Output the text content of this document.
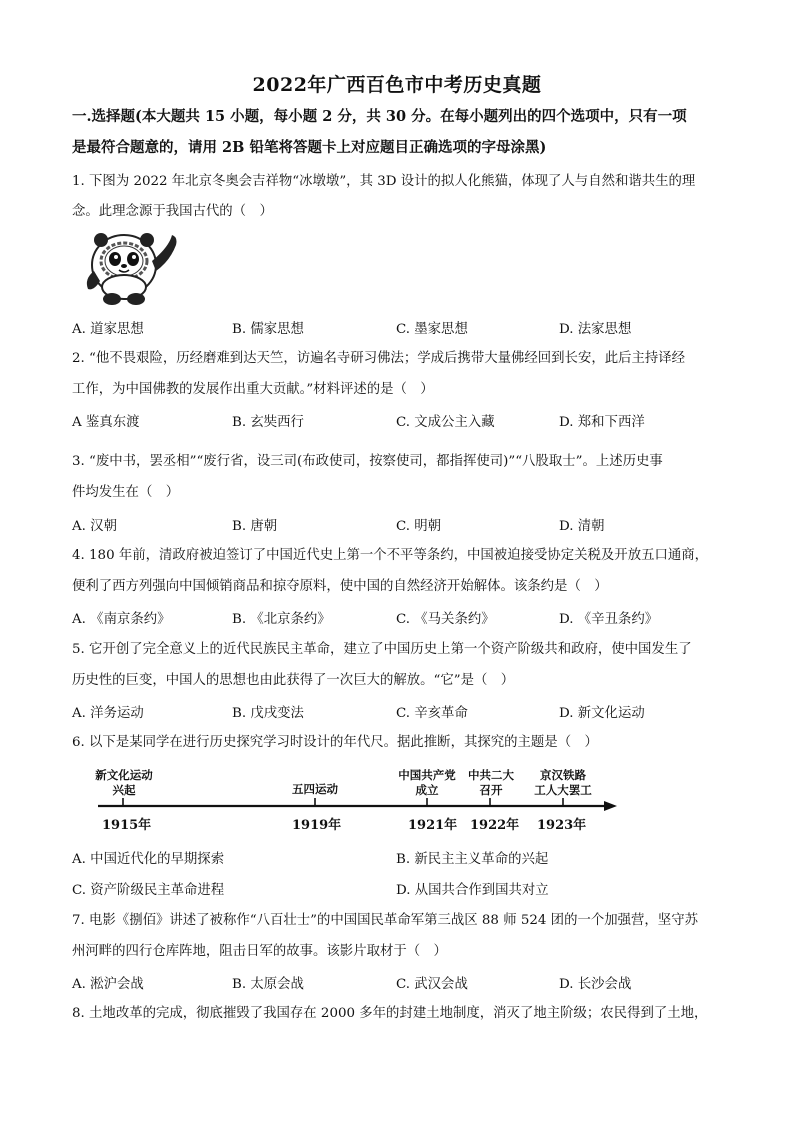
2022年广西百色市中考历史真题
一.选择题(本大题共 15 小题，每小题 2 分，共 30 分。在每小题列出的四个选项中，只有一项
是最符合题意的，请用 2B 铅笔将答题卡上对应题目正确选项的字母涂黑)
1. 下图为 2022 年北京冬奥会吉祥物“冰墩墩”，其 3D 设计的拟人化熊猫，体现了人与自然和谐共生的理
念。此理念源于我国古代的（　）
A. 道家思想	B. 儒家思想	C. 墨家思想	D. 法家思想
2. “他不畏艰险，历经磨难到达天竺，访遍名寺研习佛法；学成后携带大量佛经回到长安，此后主持译经
工作，为中国佛教的发展作出重大贡献。”材料评述的是（　）
A 鉴真东渡	B. 玄奘西行	C. 文成公主入藏	D. 郑和下西洋
3. “废中书，罢丞相”“废行省，设三司(布政使司，按察使司，都指挥使司)”“八股取士”。上述历史事
件均发生在（　）
A. 汉朝	B. 唐朝	C. 明朝	D. 清朝
4. 180 年前，清政府被迫签订了中国近代史上第一个不平等条约，中国被迫接受协定关税及开放五口通商，
便利了西方列强向中国倾销商品和掠夺原料，使中国的自然经济开始解体。该条约是（　）
A. 《南京条约》	B. 《北京条约》	C. 《马关条约》	D. 《辛丑条约》
5. 它开创了完全意义上的近代民族民主革命，建立了中国历史上第一个资产阶级共和政府，使中国发生了
历史性的巨变，中国人的思想也由此获得了一次巨大的解放。“它”是（　）
A. 洋务运动	B. 戊戌变法	C. 辛亥革命	D. 新文化运动
6. 以下是某同学在进行历史探究学习时设计的年代尺。据此推断，其探究的主题是（　）
新文化运动
兴起	五四运动
中国共产党
成立
中共二大
召开
京汉铁路
工人大罢工
1915年	1919年	1921年 1922年 1923年
A. 中国近代化的早期探索	B. 新民主主义革命的兴起
C. 资产阶级民主革命进程	D. 从国共合作到国共对立
7. 电影《捌佰》讲述了被称作“八百壮士”的中国国民革命军第三战区 88 师 524 团的一个加强营，坚守苏
州河畔的四行仓库阵地，阻击日军的故事。该影片取材于（　）
A. 淞沪会战	B. 太原会战	C. 武汉会战	D. 长沙会战
8. 土地改革的完成，彻底摧毁了我国存在 2000 多年的封建土地制度，消灭了地主阶级；农民得到了土地，
